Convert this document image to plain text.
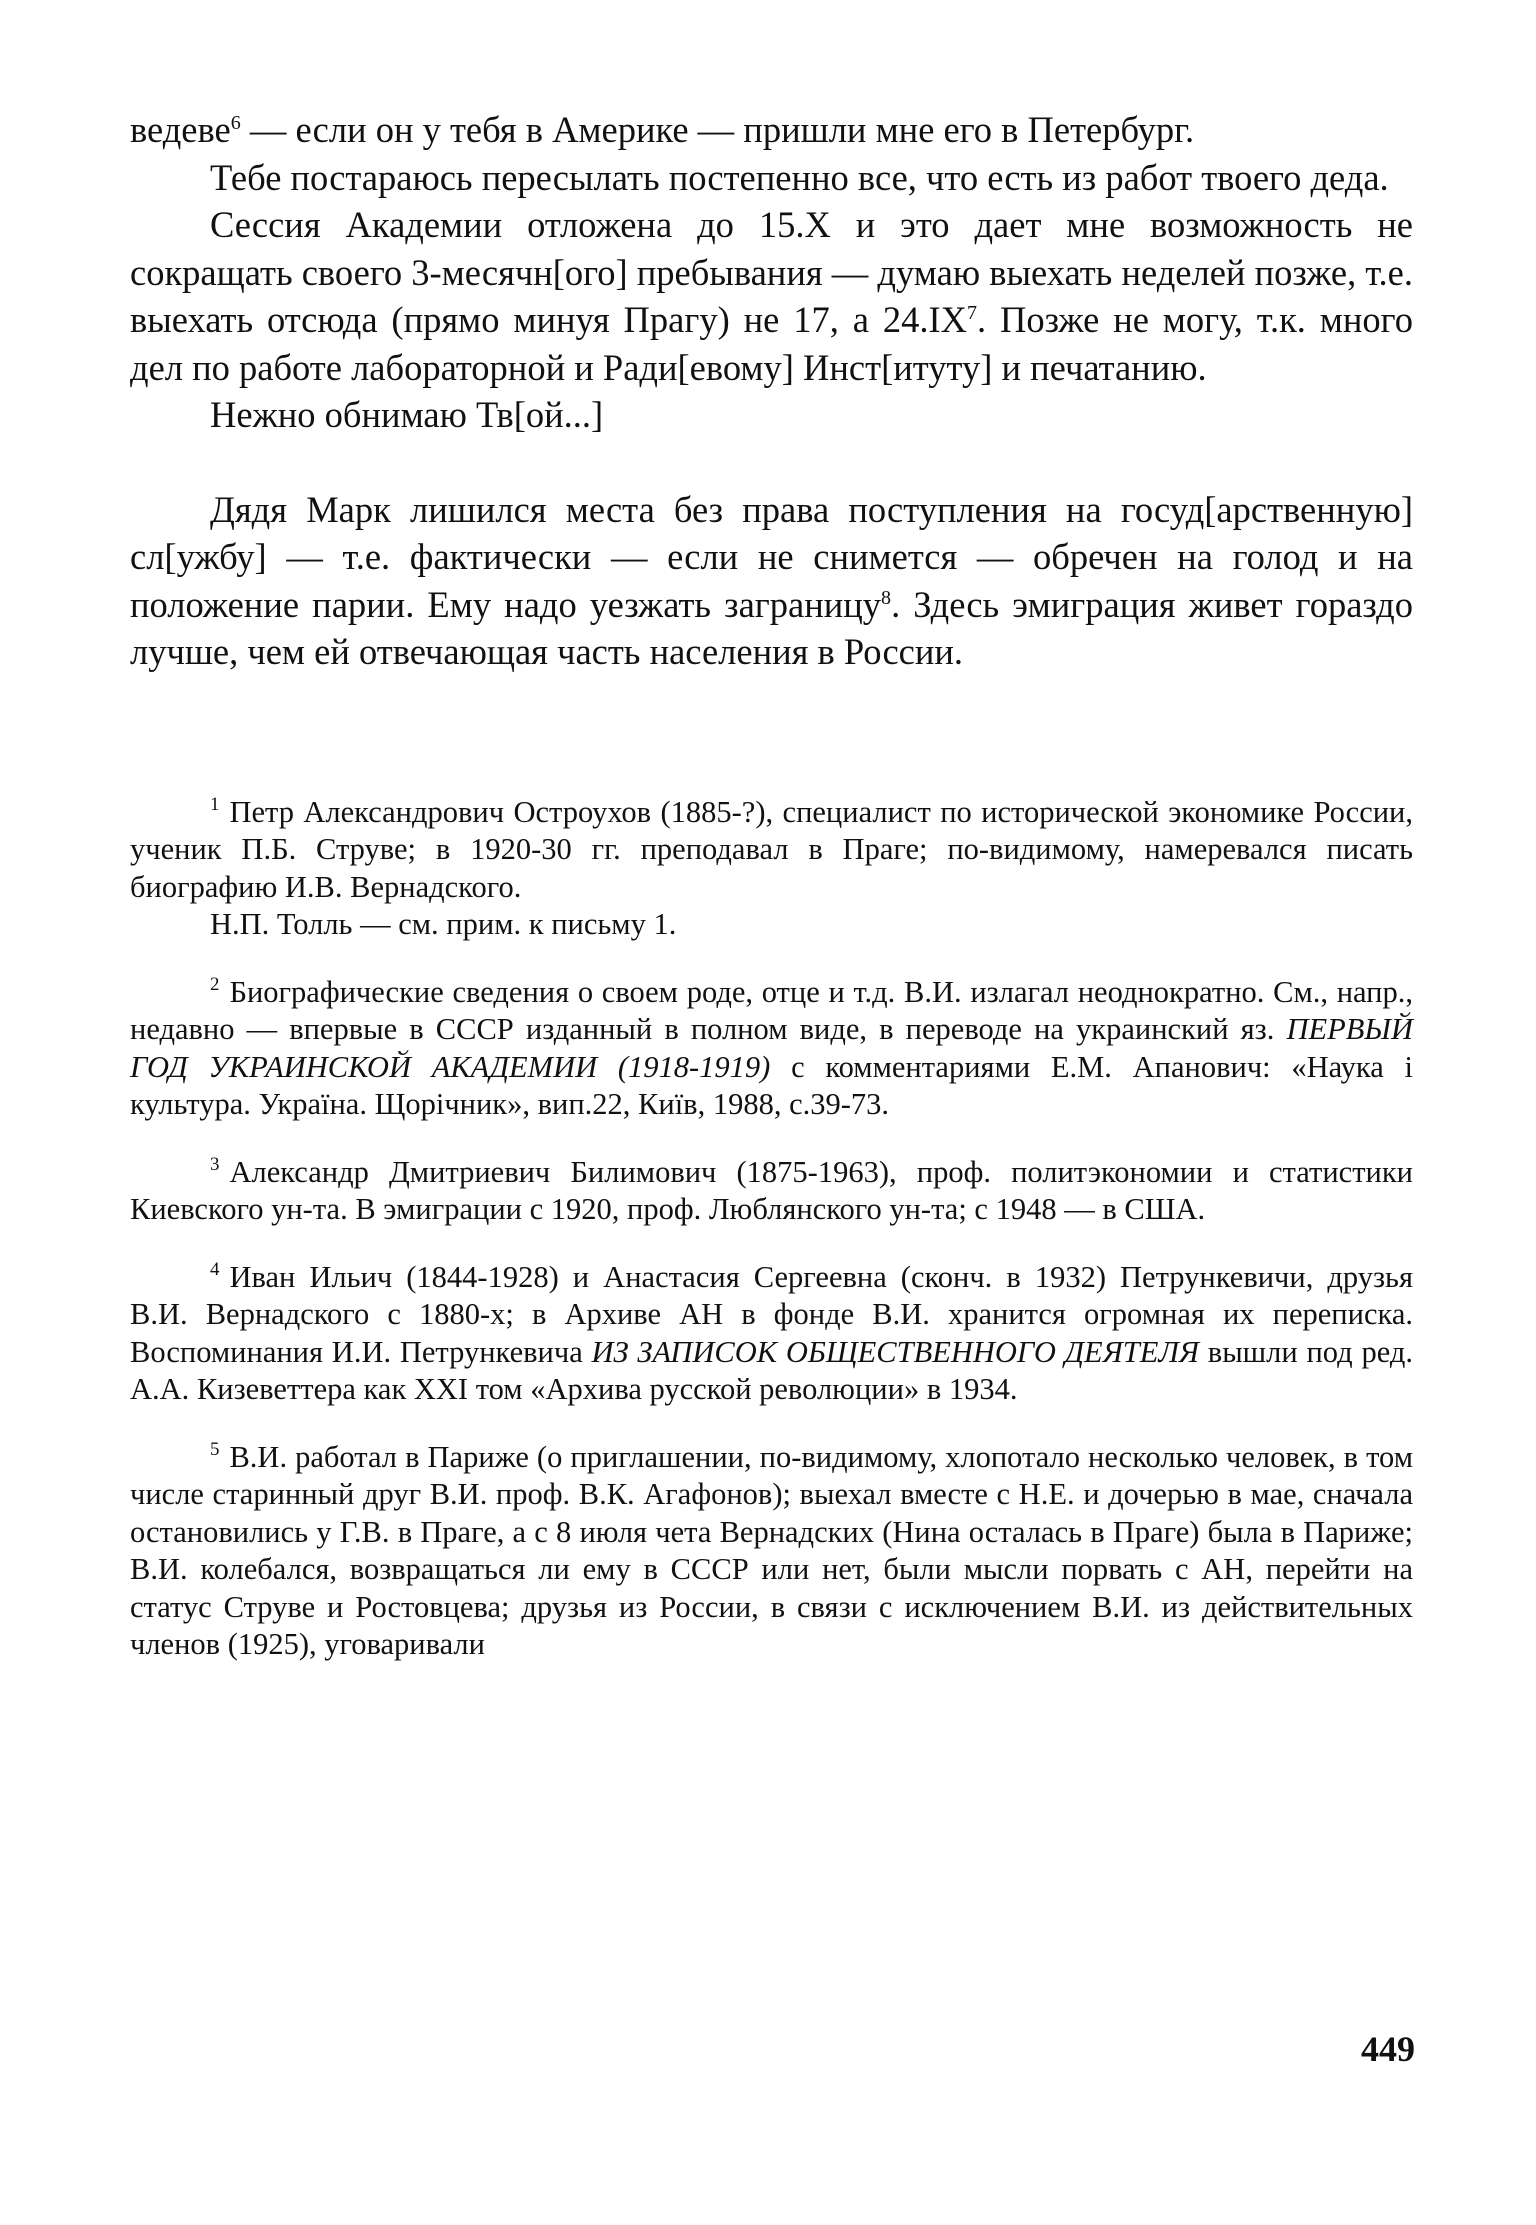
ведеве$^6$ — если он у тебя в Америке — пришли мне его в Петербург.

Тебе постараюсь пересылать постепенно все, что есть из работ твоего деда.

Сессия Академии отложена до 15.X и это дает мне возможность не сокращать своего 3-месячн[ого] пребывания — думаю выехать неделей позже, т.е. выехать отсюда (прямо минуя Прагу) не 17, а $24.IX^7$. Позже не могу, т.к. много дел по работе лабораторной и Ради[евому] Инст[итуту] и печатанию.

Нежно обнимаю Тв[ой...]

Дядя Марк лишился места без права поступления на госуд[арственную] сл[ужбу] — т.е. фактически — если не снимется — обречен на голод и на положение парии. Ему надо уезжать заграницу$^8$. Здесь эмиграция живет гораздо лучше, чем ей отвечающая часть населения в России.

$^1$ Петр Александрович Остроухов (1885-?), специалист по исторической экономике России, ученик П.Б. Струве; в 1920-30 гг. преподавал в Праге; по-видимому, намеревался писать биографию И.В. Вернадского.

Н.П. Толль — см. прим. к письму 1.

$^2$ Биографические сведения о своем роде, отце и т.д. В.И. излагал неоднократно. См., напр., недавно — впервые в СССР изданный в полном виде, в переводе на украинский яз. ПЕРВЫЙ ГОД УКРАИНСКОЙ АКАДЕМИИ (1918-1919) с комментариями Е.М. Апанович: «Наука і культура. Україна. Щорічник», вип.22, Київ, 1988, с.39-73.

$^3$ Александр Дмитриевич Билимович (1875-1963), проф. политэкономии и статистики Киевского ун-та. В эмиграции с 1920, проф. Люблянского ун-та; с 1948 — в США.

$^4$ Иван Ильич (1844-1928) и Анастасия Сергеевна (сконч. в 1932) Петрункевичи, друзья В.И. Вернадского с 1880-х; в Архиве АН в фонде В.И. хранится огромная их переписка. Воспоминания И.И. Петрункевича ИЗ ЗАПИСОК ОБЩЕСТВЕННОГО ДЕЯТЕЛЯ вышли под ред. А.А. Кизеветтера как XXI том «Архива русской революции» в 1934.

$^5$ В.И. работал в Париже (о приглашении, по-видимому, хлопотало несколько человек, в том числе старинный друг В.И. проф. В.К. Агафонов); выехал вместе с Н.Е. и дочерью в мае, сначала остановились у Г.В. в Праге, а с 8 июля чета Вернадских (Нина осталась в Праге) была в Париже; В.И. колебался, возвращаться ли ему в СССР или нет, были мысли порвать с АН, перейти на статус Струве и Ростовцева; друзья из России, в связи с исключением В.И. из действительных членов (1925), уговаривали

449
